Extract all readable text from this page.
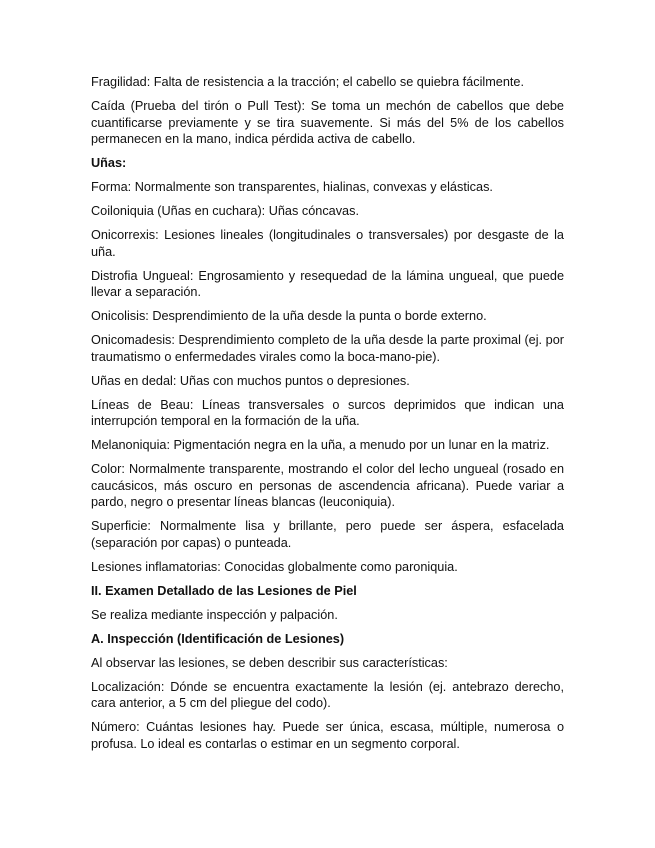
Fragilidad: Falta de resistencia a la tracción; el cabello se quiebra fácilmente.

Caída (Prueba del tirón o Pull Test): Se toma un mechón de cabellos que debe cuantificarse previamente y se tira suavemente. Si más del 5% de los cabellos permanecen en la mano, indica pérdida activa de cabello.

Uñas:

Forma: Normalmente son transparentes, hialinas, convexas y elásticas.

Coiloniquia (Uñas en cuchara): Uñas cóncavas.

Onicorrexis: Lesiones lineales (longitudinales o transversales) por desgaste de la uña.

Distrofia Ungueal: Engrosamiento y resequedad de la lámina ungueal, que puede llevar a separación.

Onicolisis: Desprendimiento de la uña desde la punta o borde externo.

Onicomadesis: Desprendimiento completo de la uña desde la parte proximal (ej. por traumatismo o enfermedades virales como la boca-mano-pie).

Uñas en dedal: Uñas con muchos puntos o depresiones.

Líneas de Beau: Líneas transversales o surcos deprimidos que indican una interrupción temporal en la formación de la uña.

Melanoniquia: Pigmentación negra en la uña, a menudo por un lunar en la matriz.

Color: Normalmente transparente, mostrando el color del lecho ungueal (rosado en caucásicos, más oscuro en personas de ascendencia africana). Puede variar a pardo, negro o presentar líneas blancas (leuconiquia).

Superficie: Normalmente lisa y brillante, pero puede ser áspera, esfacelada (separación por capas) o punteada.

Lesiones inflamatorias: Conocidas globalmente como paroniquia.

II. Examen Detallado de las Lesiones de Piel

Se realiza mediante inspección y palpación.

A. Inspección (Identificación de Lesiones)

Al observar las lesiones, se deben describir sus características:

Localización: Dónde se encuentra exactamente la lesión (ej. antebrazo derecho, cara anterior, a 5 cm del pliegue del codo).

Número: Cuántas lesiones hay. Puede ser única, escasa, múltiple, numerosa o profusa. Lo ideal es contarlas o estimar en un segmento corporal.
